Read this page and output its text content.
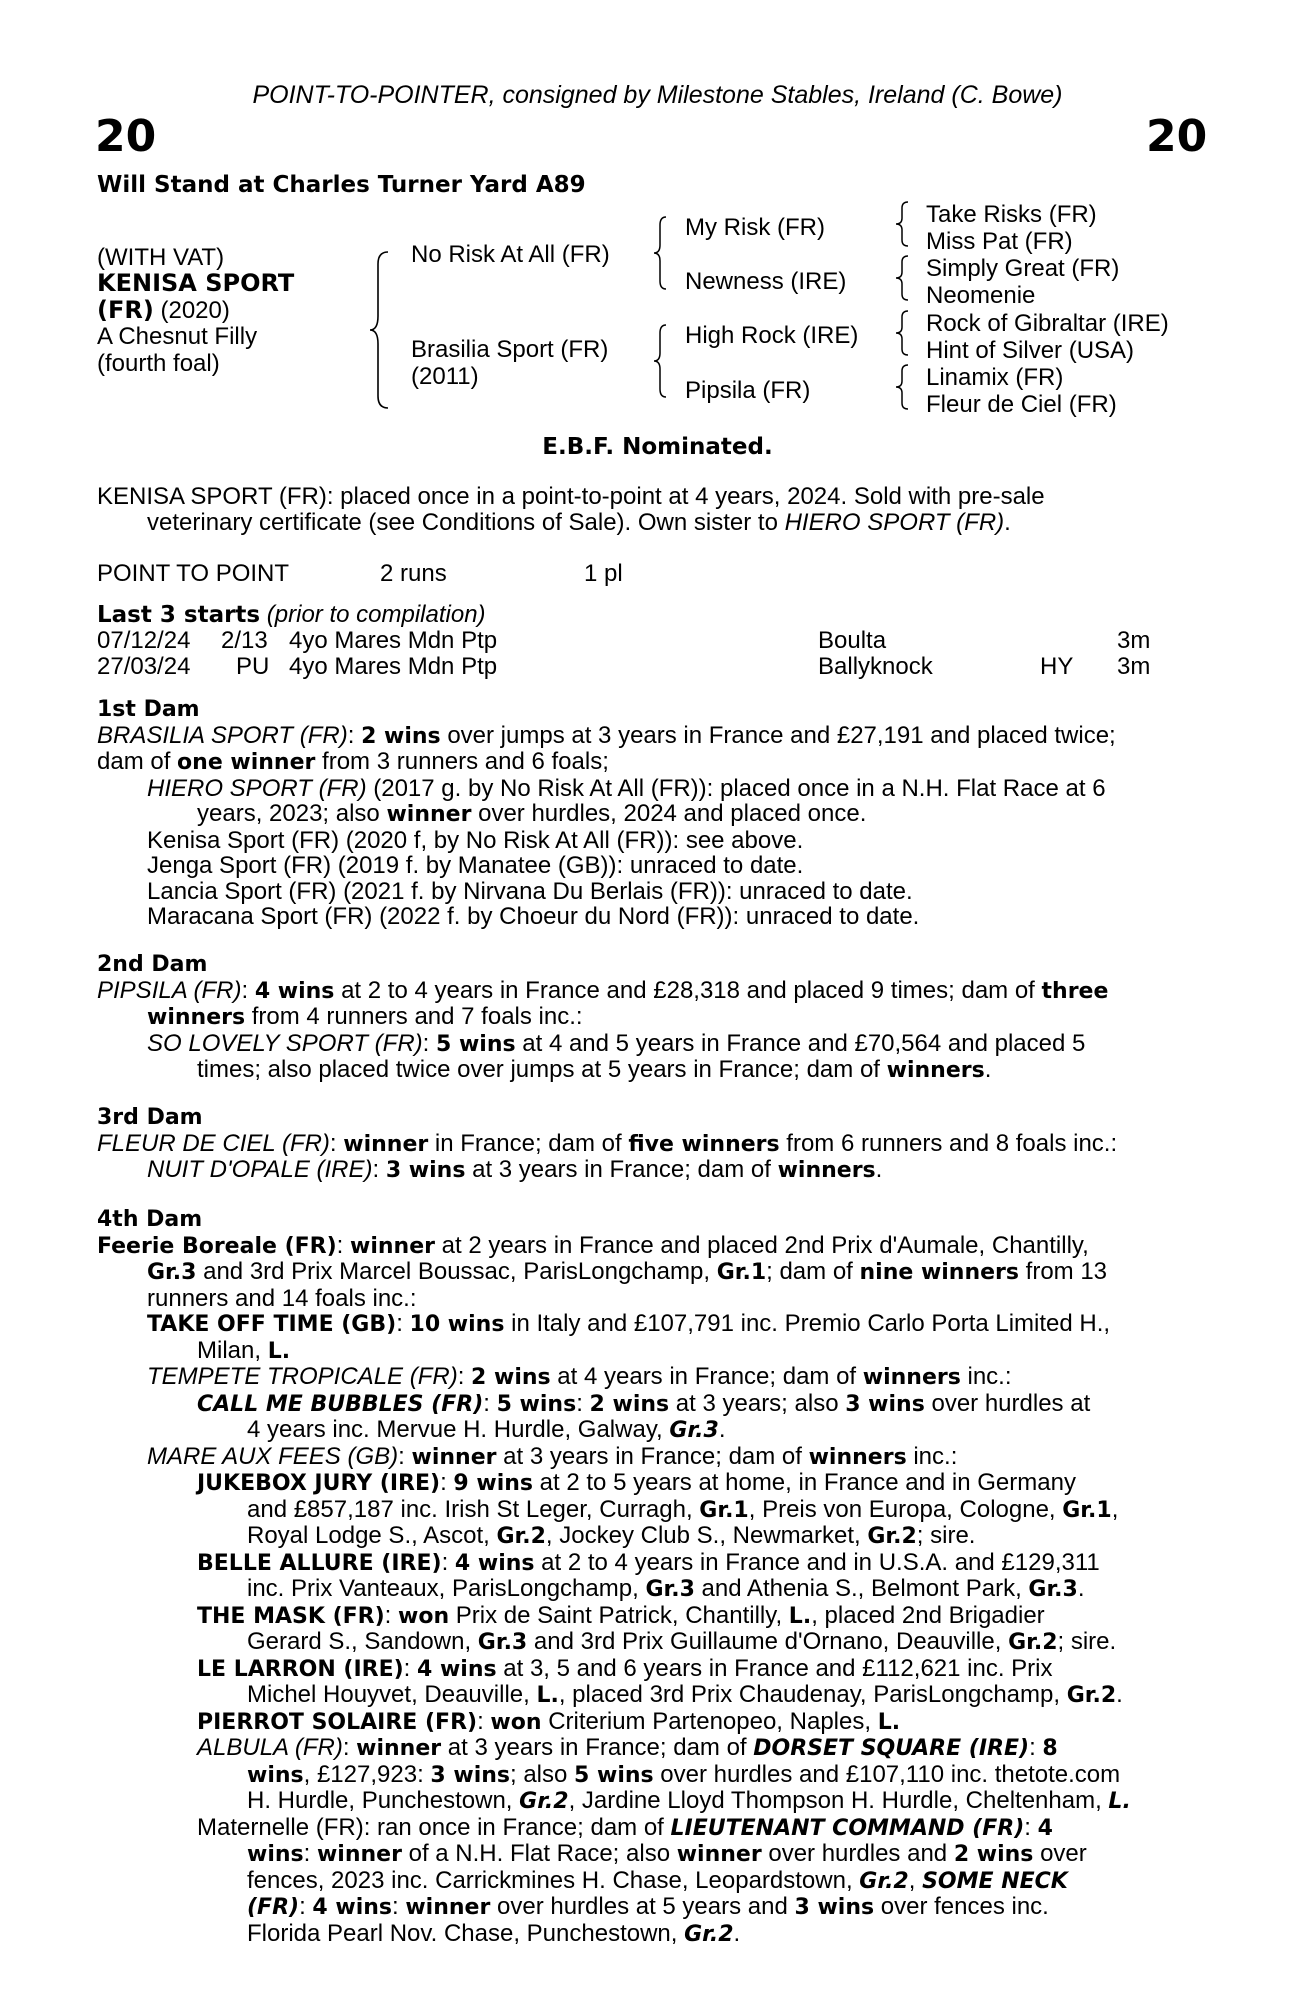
POINT-TO-POINTER, consigned by Milestone Stables, Ireland (C. Bowe)
20	20
Will Stand at Charles Turner Yard A89
(WITH VAT)
KENISA SPORT
(FR) (2020)
A Chesnut Filly
(fourth foal)
No Risk At All (FR)
Brasilia Sport (FR)
(2011)
My Risk (FR)
Newness (IRE)
High Rock (IRE)
Pipsila (FR)
Take Risks (FR)
Miss Pat (FR)
Simply Great (FR)
Neomenie
Rock of Gibraltar (IRE)
Hint of Silver (USA)
Linamix (FR)
Fleur de Ciel (FR)
E.B.F. Nominated.
KENISA SPORT (FR): placed once in a point-to-point at 4 years, 2024. Sold with pre-sale
veterinary certificate (see Conditions of Sale). Own sister to HIERO SPORT (FR).
POINT TO POINT	2 runs	1 pl
Last 3 starts (prior to compilation)
07/12/24 2/13 4yo Mares Mdn Ptp	Boulta	3m
27/03/24 PU 4yo Mares Mdn Ptp	Ballyknock	HY 3m
1st Dam
BRASILIA SPORT (FR): 2 wins over jumps at 3 years in France and £27,191 and placed twice;
dam of one winner from 3 runners and 6 foals;
HIERO SPORT (FR) (2017 g. by No Risk At All (FR)): placed once in a N.H. Flat Race at 6
years, 2023; also winner over hurdles, 2024 and placed once.
Kenisa Sport (FR) (2020 f, by No Risk At All (FR)): see above.
Jenga Sport (FR) (2019 f. by Manatee (GB)): unraced to date.
Lancia Sport (FR) (2021 f. by Nirvana Du Berlais (FR)): unraced to date.
Maracana Sport (FR) (2022 f. by Choeur du Nord (FR)): unraced to date.
2nd Dam
PIPSILA (FR): 4 wins at 2 to 4 years in France and £28,318 and placed 9 times; dam of three
winners from 4 runners and 7 foals inc.:
SO LOVELY SPORT (FR): 5 wins at 4 and 5 years in France and £70,564 and placed 5
times; also placed twice over jumps at 5 years in France; dam of winners.
3rd Dam
FLEUR DE CIEL (FR): winner in France; dam of five winners from 6 runners and 8 foals inc.:
NUIT D'OPALE (IRE): 3 wins at 3 years in France; dam of winners.
4th Dam
Feerie Boreale (FR): winner at 2 years in France and placed 2nd Prix d'Aumale, Chantilly,
Gr.3 and 3rd Prix Marcel Boussac, ParisLongchamp, Gr.1; dam of nine winners from 13
runners and 14 foals inc.:
TAKE OFF TIME (GB): 10 wins in Italy and £107,791 inc. Premio Carlo Porta Limited H.,
Milan, L.
TEMPETE TROPICALE (FR): 2 wins at 4 years in France; dam of winners inc.:
CALL ME BUBBLES (FR): 5 wins: 2 wins at 3 years; also 3 wins over hurdles at
4 years inc. Mervue H. Hurdle, Galway, Gr.3.
MARE AUX FEES (GB): winner at 3 years in France; dam of winners inc.:
JUKEBOX JURY (IRE): 9 wins at 2 to 5 years at home, in France and in Germany
and £857,187 inc. Irish St Leger, Curragh, Gr.1, Preis von Europa, Cologne, Gr.1,
Royal Lodge S., Ascot, Gr.2, Jockey Club S., Newmarket, Gr.2; sire.
BELLE ALLURE (IRE): 4 wins at 2 to 4 years in France and in U.S.A. and £129,311
inc. Prix Vanteaux, ParisLongchamp, Gr.3 and Athenia S., Belmont Park, Gr.3.
THE MASK (FR): won Prix de Saint Patrick, Chantilly, L., placed 2nd Brigadier
Gerard S., Sandown, Gr.3 and 3rd Prix Guillaume d'Ornano, Deauville, Gr.2; sire.
LE LARRON (IRE): 4 wins at 3, 5 and 6 years in France and £112,621 inc. Prix
Michel Houyvet, Deauville, L., placed 3rd Prix Chaudenay, ParisLongchamp, Gr.2.
PIERROT SOLAIRE (FR): won Criterium Partenopeo, Naples, L.
ALBULA (FR): winner at 3 years in France; dam of DORSET SQUARE (IRE): 8
wins, £127,923: 3 wins; also 5 wins over hurdles and £107,110 inc. thetote.com
H. Hurdle, Punchestown, Gr.2, Jardine Lloyd Thompson H. Hurdle, Cheltenham, L.
Maternelle (FR): ran once in France; dam of LIEUTENANT COMMAND (FR): 4
wins: winner of a N.H. Flat Race; also winner over hurdles and 2 wins over
fences, 2023 inc. Carrickmines H. Chase, Leopardstown, Gr.2, SOME NECK
(FR): 4 wins: winner over hurdles at 5 years and 3 wins over fences inc.
Florida Pearl Nov. Chase, Punchestown, Gr.2.
